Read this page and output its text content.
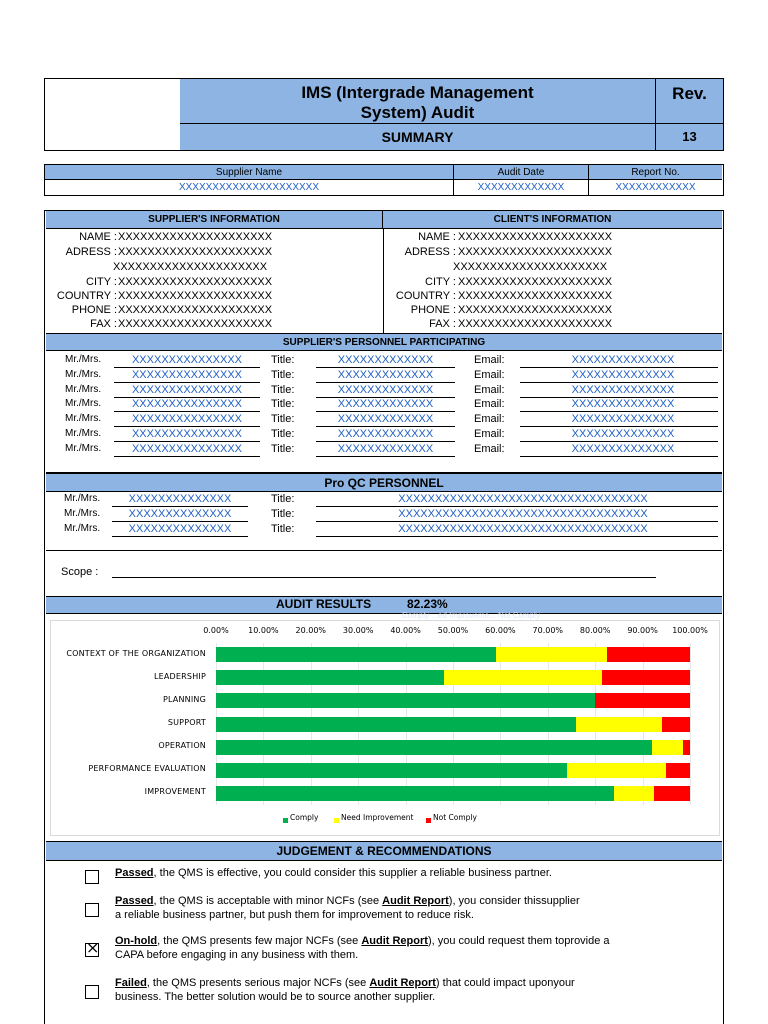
IMS (Intergrade Management
System) Audit
Rev.
SUMMARY	13
Supplier Name	Audit Date	Report No.
XXXXXXXXXXXXXXXXXXXXX	XXXXXXXXXXXXX	XXXXXXXXXXXX
SUPPLIER'S INFORMATION	CLIENT'S INFORMATION
NAME : XXXXXXXXXXXXXXXXXXXXX
ADRESS : XXXXXXXXXXXXXXXXXXXXX
XXXXXXXXXXXXXXXXXXXXX
CITY : XXXXXXXXXXXXXXXXXXXXX
COUNTRY : XXXXXXXXXXXXXXXXXXXXX
PHONE : XXXXXXXXXXXXXXXXXXXXX
FAX : XXXXXXXXXXXXXXXXXXXXX
NAME : XXXXXXXXXXXXXXXXXXXXX
ADRESS : XXXXXXXXXXXXXXXXXXXXX
XXXXXXXXXXXXXXXXXXXXX
CITY : XXXXXXXXXXXXXXXXXXXXX
COUNTRY : XXXXXXXXXXXXXXXXXXXXX
PHONE : XXXXXXXXXXXXXXXXXXXXX
FAX : XXXXXXXXXXXXXXXXXXXXX
SUPPLIER'S PERSONNEL PARTICIPATING
Mr./Mrs.	XXXXXXXXXXXXXXX	Title:	XXXXXXXXXXXXX	Email:	XXXXXXXXXXXXXX
Mr./Mrs.	XXXXXXXXXXXXXXX	Title:	XXXXXXXXXXXXX	Email:	XXXXXXXXXXXXXX
Mr./Mrs.	XXXXXXXXXXXXXXX	Title:	XXXXXXXXXXXXX	Email:	XXXXXXXXXXXXXX
Mr./Mrs.	XXXXXXXXXXXXXXX	Title:	XXXXXXXXXXXXX	Email:	XXXXXXXXXXXXXX
Mr./Mrs.	XXXXXXXXXXXXXXX	Title:	XXXXXXXXXXXXX	Email:	XXXXXXXXXXXXXX
Mr./Mrs.	XXXXXXXXXXXXXXX	Title:	XXXXXXXXXXXXX	Email:	XXXXXXXXXXXXXX
Mr./Mrs.	XXXXXXXXXXXXXXX	Title:	XXXXXXXXXXXXX	Email:	XXXXXXXXXXXXXX
Pro QC PERSONNEL
Mr./Mrs.	XXXXXXXXXXXXXX	Title:	XXXXXXXXXXXXXXXXXXXXXXXXXXXXXXXXXX
Mr./Mrs.	XXXXXXXXXXXXXX	Title:	XXXXXXXXXXXXXXXXXXXXXXXXXXXXXXXXXX
Mr./Mrs.	XXXXXXXXXXXXXX	Title:	XXXXXXXXXXXXXXXXXXXXXXXXXXXXXXXXXX
Scope :
AUDIT RESULTS	82.23%
Comply ...ed Improveme... Not Comply
0.00%	10.00%	20.00%	30.00%	40.00%	50.00%	60.00%	70.00%	80.00%	90.00%	100.00%
CONTEXT OF THE ORGANIZATION
LEADERSHIP
PLANNING
SUPPORT
OPERATION
PERFORMANCE EVALUATION
IMPROVEMENT
Comply	Need Improvement	Not Comply
JUDGEMENT & RECOMMENDATIONS
Passed, the QMS is effective, you could consider this supplier a reliable business partner.
Passed, the QMS is acceptable with minor NCFs (see Audit Report), you consider thissupplier
a reliable business partner, but push them for improvement to reduce risk.
⨯ On-hold, the QMS presents few major NCFs (see Audit Report), you could request them toprovide a
CAPA before engaging in any business with them.
Failed, the QMS presents serious major NCFs (see Audit Report) that could impact uponyour
business. The better solution would be to source another supplier.
